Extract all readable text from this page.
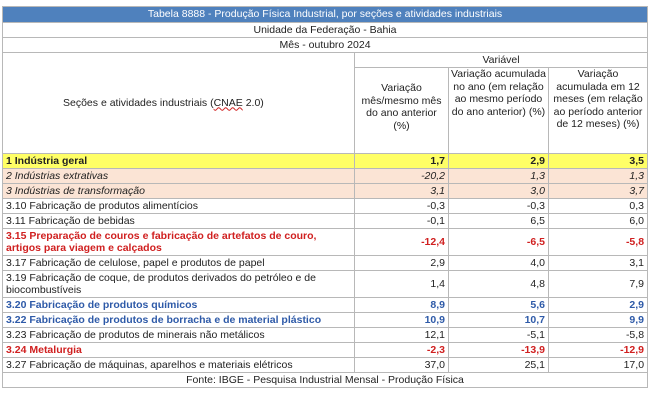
Tabela 8888 - Produção Física Industrial, por seções e atividades industriais			
Unidade da Federação - Bahia			
Mês - outubro 2024			
Seções e atividades industriais (CNAE 2.0)	Variável		
	Variação mês/mesmo mês do ano anterior (%)	Variação acumulada no ano (em relação ao mesmo período do ano anterior) (%)	Variação acumulada em 12 meses (em relação ao período anterior de 12 meses) (%)
1 Indústria geral	1,7	2,9	3,5
2 Indústrias extrativas	-20,2	1,3	1,3
3 Indústrias de transformação	3,1	3,0	3,7
3.10 Fabricação de produtos alimentícios	-0,3	-0,3	0,3
3.11 Fabricação de bebidas	-0,1	6,5	6,0
3.15 Preparação de couros e fabricação de artefatos de couro, artigos para viagem e calçados	-12,4	-6,5	-5,8
3.17 Fabricação de celulose, papel e produtos de papel	2,9	4,0	3,1
3.19 Fabricação de coque, de produtos derivados do petróleo e de biocombustíveis	1,4	4,8	7,9
3.20 Fabricação de produtos químicos	8,9	5,6	2,9
3.22 Fabricação de produtos de borracha e de material plástico	10,9	10,7	9,9
3.23 Fabricação de produtos de minerais não metálicos	12,1	-5,1	-5,8
3.24 Metalurgia	-2,3	-13,9	-12,9
3.27 Fabricação de máquinas, aparelhos e materiais elétricos	37,0	25,1	17,0
Fonte: IBGE - Pesquisa Industrial Mensal - Produção Física			
